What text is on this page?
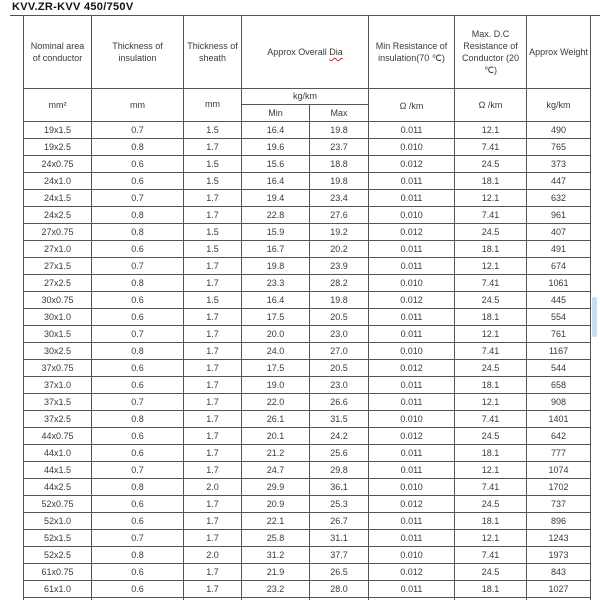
KVV.ZR-KVV 450/750V
Nominal area of conductor	Thickness of insulation	Thickness of sheath	Approx Overall Dia		Min Resistance of insulation(70 ℃)	Max. D.C Resistance of Conductor (20 ℃)	Approx Weight
mm²	mm	mm	kg/km		Ω /km	Ω /km	kg/km
			Min	Max			
19x1.5	0.7	1.5	16.4	19.8	0.011	12.1	490
19x2.5	0.8	1.7	19.6	23.7	0.010	7.41	765
24x0.75	0.6	1.5	15.6	18.8	0.012	24.5	373
24x1.0	0.6	1.5	16.4	19.8	0.011	18.1	447
24x1.5	0.7	1.7	19.4	23.4	0.011	12.1	632
24x2.5	0.8	1.7	22.8	27.6	0.010	7.41	961
27x0.75	0.8	1.5	15.9	19.2	0.012	24.5	407
27x1.0	0.6	1.5	16.7	20.2	0.011	18.1	491
27x1.5	0.7	1.7	19.8	23.9	0.011	12.1	674
27x2.5	0.8	1.7	23.3	28.2	0.010	7.41	1061
30x0.75	0.6	1.5	16.4	19.8	0.012	24.5	445
30x1.0	0.6	1.7	17.5	20.5	0.011	18.1	554
30x1.5	0.7	1.7	20.0	23.0	0.011	12.1	761
30x2.5	0.8	1.7	24.0	27.0	0.010	7.41	1167
37x0.75	0.6	1.7	17.5	20.5	0.012	24.5	544
37x1.0	0.6	1.7	19.0	23.0	0.011	18.1	658
37x1.5	0.7	1.7	22.0	26.6	0.011	12.1	908
37x2.5	0.8	1.7	26.1	31.5	0.010	7.41	1401
44x0.75	0.6	1.7	20.1	24.2	0.012	24.5	642
44x1.0	0.6	1.7	21.2	25.6	0.011	18.1	777
44x1.5	0.7	1.7	24.7	29.8	0.011	12.1	1074
44x2.5	0.8	2.0	29.9	36.1	0.010	7.41	1702
52x0.75	0.6	1.7	20.9	25.3	0.012	24.5	737
52x1.0	0.6	1.7	22.1	26.7	0.011	18.1	896
52x1.5	0.7	1.7	25.8	31.1	0.011	12.1	1243
52x2.5	0.8	2.0	31.2	37.7	0.010	7.41	1973
61x0.75	0.6	1.7	21.9	26.5	0.012	24.5	843
61x1.0	0.6	1.7	23.2	28.0	0.011	18.1	1027
